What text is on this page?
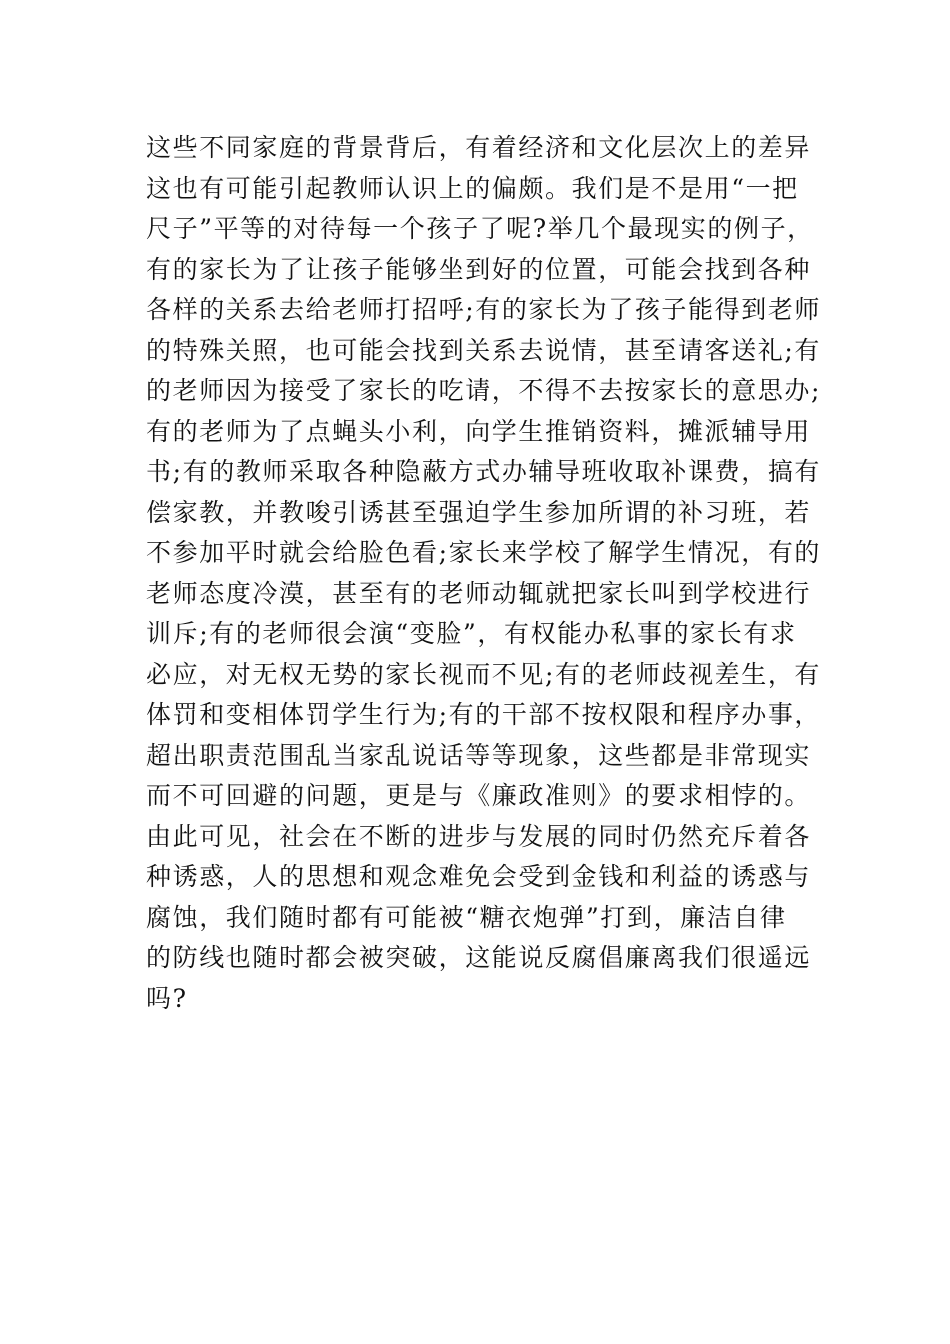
这些不同家庭的背景背后，有着经济和文化层次上的差异
这也有可能引起教师认识上的偏颇。我们是不是用“一把
尺子”平等的对待每一个孩子了呢?举几个最现实的例子，
有的家长为了让孩子能够坐到好的位置，可能会找到各种
各样的关系去给老师打招呼;有的家长为了孩子能得到老师
的特殊关照，也可能会找到关系去说情，甚至请客送礼;有
的老师因为接受了家长的吃请，不得不去按家长的意思办;
有的老师为了点蝇头小利，向学生推销资料，摊派辅导用
书;有的教师采取各种隐蔽方式办辅导班收取补课费，搞有
偿家教，并教唆引诱甚至强迫学生参加所谓的补习班，若
不参加平时就会给脸色看;家长来学校了解学生情况，有的
老师态度冷漠，甚至有的老师动辄就把家长叫到学校进行
训斥;有的老师很会演“变脸”，有权能办私事的家长有求
必应，对无权无势的家长视而不见;有的老师歧视差生，有
体罚和变相体罚学生行为;有的干部不按权限和程序办事，
超出职责范围乱当家乱说话等等现象，这些都是非常现实
而不可回避的问题，更是与《廉政准则》的要求相悖的。
由此可见，社会在不断的进步与发展的同时仍然充斥着各
种诱惑，人的思想和观念难免会受到金钱和利益的诱惑与
腐蚀，我们随时都有可能被“糖衣炮弹”打到，廉洁自律
的防线也随时都会被突破，这能说反腐倡廉离我们很遥远
吗?
